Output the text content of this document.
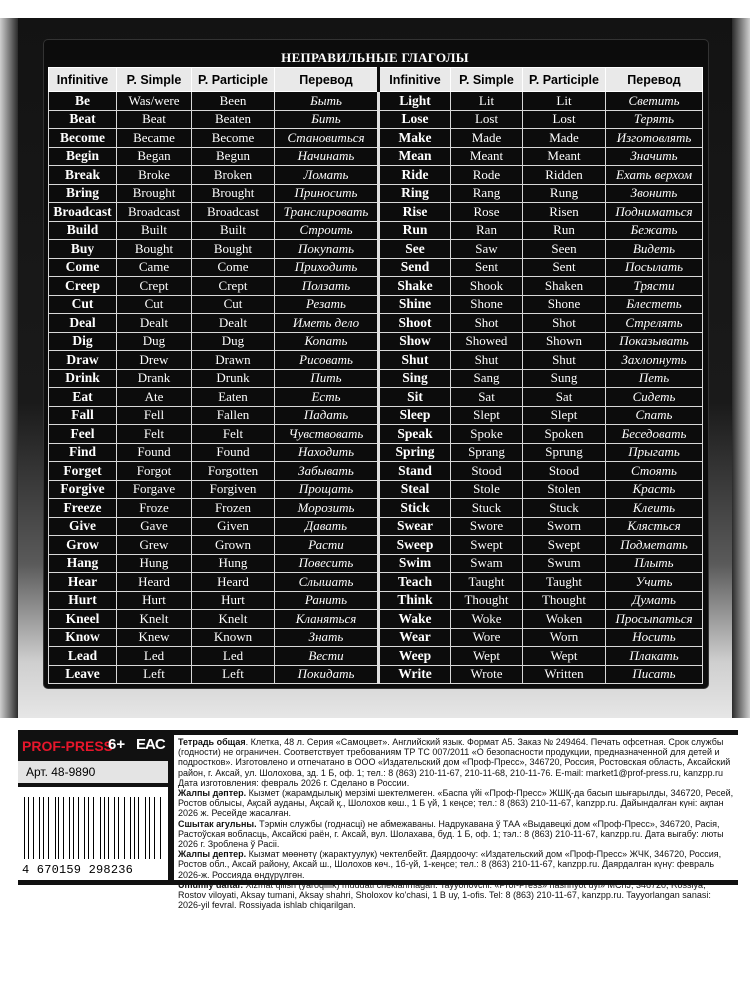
НЕПРАВИЛЬНЫЕ ГЛАГОЛЫ
Infinitive	P. Simple	P. Participle	Перевод	Infinitive	P. Simple	P. Participle	Перевод
Be	Was/were	Been	Быть	Light	Lit	Lit	Светить
Beat	Beat	Beaten	Бить	Lose	Lost	Lost	Терять
Become	Became	Become	Становиться	Make	Made	Made	Изготовлять
Begin	Began	Begun	Начинать	Mean	Meant	Meant	Значить
Break	Broke	Broken	Ломать	Ride	Rode	Ridden	Ехать верхом
Bring	Brought	Brought	Приносить	Ring	Rang	Rung	Звонить
Broadcast	Broadcast	Broadcast	Транслировать	Rise	Rose	Risen	Подниматься
Build	Built	Built	Строить	Run	Ran	Run	Бежать
Buy	Bought	Bought	Покупать	See	Saw	Seen	Видеть
Come	Came	Come	Приходить	Send	Sent	Sent	Посылать
Creep	Crept	Crept	Ползать	Shake	Shook	Shaken	Трясти
Cut	Cut	Cut	Резать	Shine	Shone	Shone	Блестеть
Deal	Dealt	Dealt	Иметь дело	Shoot	Shot	Shot	Стрелять
Dig	Dug	Dug	Копать	Show	Showed	Shown	Показывать
Draw	Drew	Drawn	Рисовать	Shut	Shut	Shut	Захлопнуть
Drink	Drank	Drunk	Пить	Sing	Sang	Sung	Петь
Eat	Ate	Eaten	Есть	Sit	Sat	Sat	Сидеть
Fall	Fell	Fallen	Падать	Sleep	Slept	Slept	Спать
Feel	Felt	Felt	Чувствовать	Speak	Spoke	Spoken	Беседовать
Find	Found	Found	Находить	Spring	Sprang	Sprung	Прыгать
Forget	Forgot	Forgotten	Забывать	Stand	Stood	Stood	Стоять
Forgive	Forgave	Forgiven	Прощать	Steal	Stole	Stolen	Красть
Freeze	Froze	Frozen	Морозить	Stick	Stuck	Stuck	Клеить
Give	Gave	Given	Давать	Swear	Swore	Sworn	Клясться
Grow	Grew	Grown	Расти	Sweep	Swept	Swept	Подметать
Hang	Hung	Hung	Повесить	Swim	Swam	Swum	Плыть
Hear	Heard	Heard	Слышать	Teach	Taught	Taught	Учить
Hurt	Hurt	Hurt	Ранить	Think	Thought	Thought	Думать
Kneel	Knelt	Knelt	Кланяться	Wake	Woke	Woken	Просыпаться
Know	Knew	Known	Знать	Wear	Wore	Worn	Носить
Lead	Led	Led	Вести	Weep	Wept	Wept	Плакать
Leave	Left	Left	Покидать	Write	Wrote	Written	Писать
PROF-PRESS
6+ EAC
Арт. 48-9890
4 670159 298236
Тетрадь общая. Клетка, 48 л. Серия «Самоцвет». Английский язык. Формат А5. Заказ № 249464. Печать офсетная. Срок службы (годности) не ограничен. Соответствует требованиям ТР ТС 007/2011 «О безопасности продукции, предназначенной для детей и подростков». Изготовлено и отпечатано в ООО «Издательский дом «Проф-Пресс», 346720, Россия, Ростовская область, Аксайский район, г. Аксай, ул. Шолохова, зд. 1 Б, оф. 1; тел.: 8 (863) 210-11-67, 210-11-68, 210-11-76. E-mail: market1@prof-press.ru, kanzpp.ru Дата изготовления: февраль 2026 г. Сделано в России.
Жалпы дәптер. Кызмет (жарамдылық) мерзімі шектелмеген. «Баспа үйі «Проф-Пресс» ЖШҚ-да басып шығарылды, 346720, Ресей, Ростов облысы, Ақсай ауданы, Ақсай қ., Шолохов көш., 1 Б үй, 1 кеңсе; тел.: 8 (863) 210-11-67, kanzpp.ru. Дайындалған күні: ақпан 2026 ж. Ресейде жасалған.
Сшытак агульны. Тэрмін службы (годнасці) не абмежаваны. Надрукавана ў ТАА «Выдавецкі дом «Проф-Пресс», 346720, Расія, Растоўская вобласць, Аксайскі раён, г. Аксай, вул. Шолахава, буд. 1 Б, оф. 1; тэл.: 8 (863) 210-11-67, kanzpp.ru. Дата выгабу: люты 2026 г. Зроблена ў Расіі.
Жалпы дептер. Кызмат мөөнөтү (жарактуулук) чектелбейт. Даярдоочу: «Издательский дом «Проф-Пресс» ЖЧК, 346720, Россия, Ростов обл., Аксай району, Аксай ш., Шолохов көч., 1б-үй, 1-кеңсе; тел.: 8 (863) 210-11-67, kanzpp.ru. Даярдалган күнү: февраль 2026-ж. Россияда өндүрүлгөн.
Umumiy daftar. Xizmat qilish (yaroqlilik) muddati cheklanmagan. Tayyorlovchi: «Prof-Press» nashriyot uyi» MChJ, 346720, Rossiya, Rostov viloyati, Aksay tumani, Aksay shahri, Sholoxov ko'chasi, 1 B uy, 1-ofis. Tel: 8 (863) 210-11-67, kanzpp.ru. Tayyorlangan sanasi: 2026-yil fevral. Rossiyada ishlab chiqarilgan.
